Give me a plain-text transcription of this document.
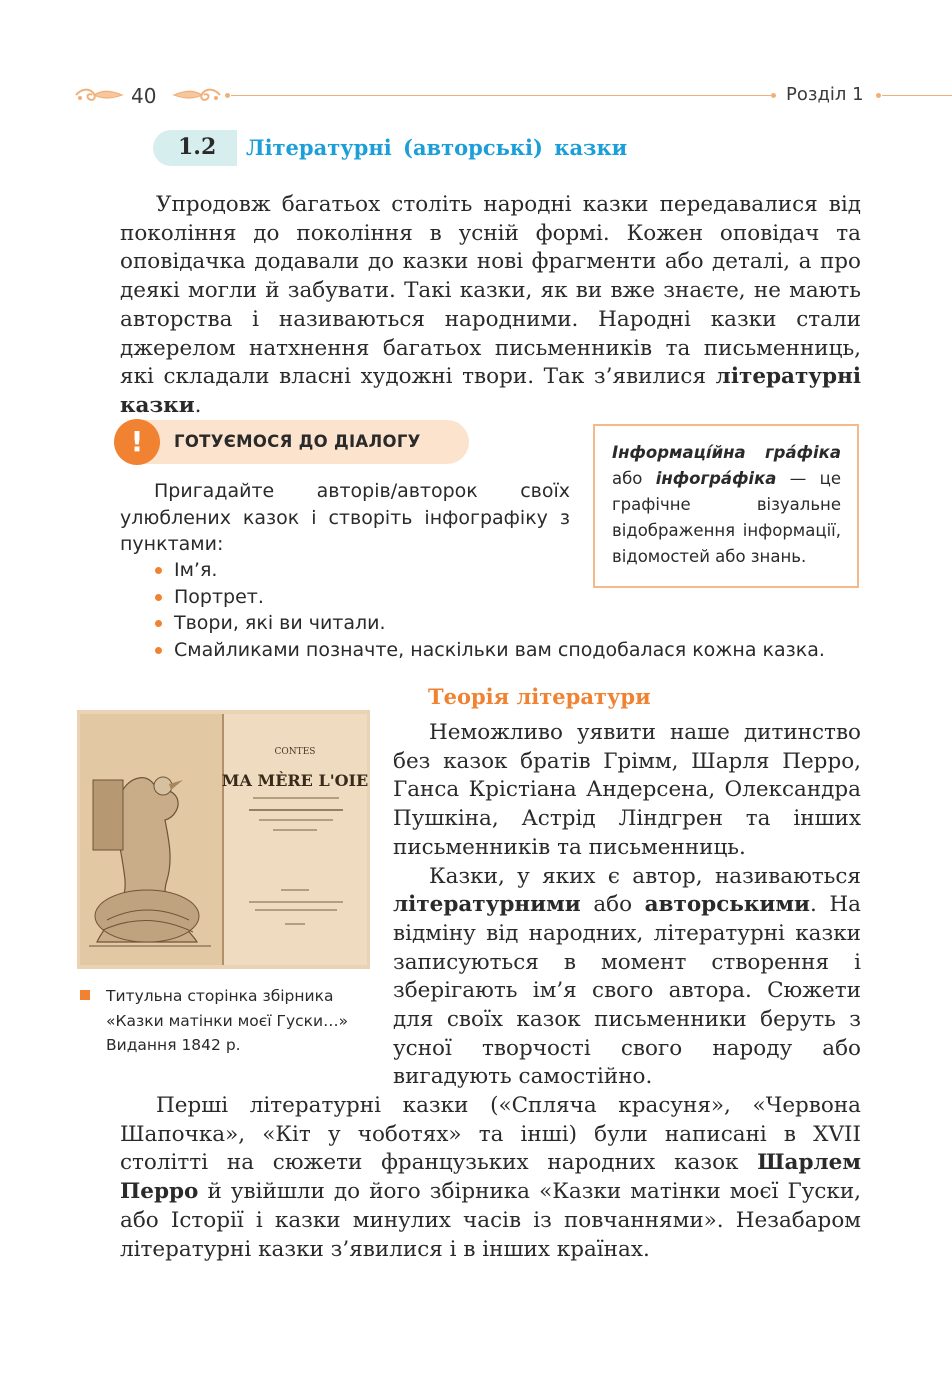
40	Розділ 1
1.2 Літературні (авторські) казки

Упродовж багатьох століть народні казки передавалися від покоління до покоління в усній формі. Кожен оповідач та оповідачка додавали до казки нові фрагменти або деталі, а про деякі могли й забувати. Такі казки, як ви вже знаєте, не мають авторства і називаються народними. Народні казки стали джерелом натхнення багатьох письменників та письменниць, які складали власні художні твори. Так з’явилися літературні казки.

!	ГОТУЄМОСЯ ДО ДІАЛОГУ
Пригадайте авторів/авторок своїх улюблених казок і створіть інфографіку з пунктами:
Ім’я.
Портрет.
Твори, які ви читали.
Смайликами позначте, наскільки вам сподобалася кожна казка.
Інформаці́йна гра́фіка або інфогра́фіка — це графічне візуальне відображення інформації, відомостей або знань.
CONTES
MA MÈRE L'OIE
Титульна сторінка збірника «Казки матінки моєї Гуски…» Видання 1842 р.
Теорія літератури

Неможливо уявити наше дитинство без казок братів Грімм, Шарля Перро, Ганса Крістіана Андерсена, Олександра Пушкіна, Астрід Ліндгрен та інших письменників та письменниць.

Казки, у яких є автор, називаються літературними або авторськими. На відміну від народних, літературні казки записуються в момент створення і зберігають ім’я свого автора. Сюжети для своїх казок письменники беруть з усної творчості свого народу або вигадують самостійно.

Перші літературні казки («Спляча красуня», «Червона Шапочка», «Кіт у чоботях» та інші) були написані в XVII столітті на сюжети французьких народних казок Шарлем Перро й увійшли до його збірника «Казки матінки моєї Гуски, або Історії і казки минулих часів із повчаннями». Незабаром літературні казки з’явилися і в інших країнах.
